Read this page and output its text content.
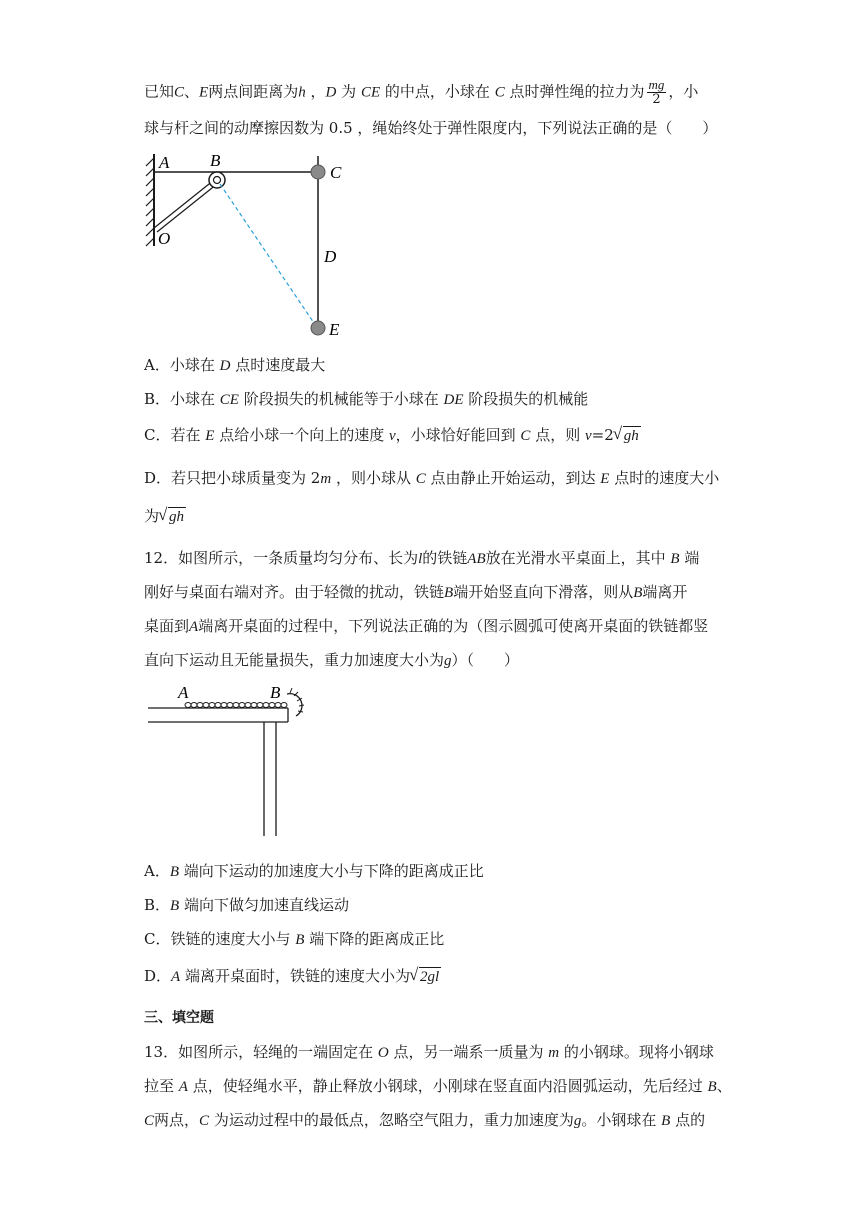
已知C、E两点间距离为h ，D 为 CE 的中点，小球在 C 点时弹性绳的拉力为 $\frac{mg}{2}$ ，小
球与杆之间的动摩擦因数为 0.5 ，绳始终处于弹性限度内，下列说法正确的是（　　）
A B
C
D
E
O
A．小球在 D 点时速度最大
B．小球在 CE 阶段损失的机械能等于小球在 DE 阶段损失的机械能
C．若在 E 点给小球一个向上的速度 v，小球恰好能回到 C 点，则 v=2 √ gh
D．若只把小球质量变为 2m ，则小球从 C 点由静止开始运动，到达 E 点时的速度大小
为 √ gh
12．如图所示，一条质量均匀分布、长为l的铁链AB放在光滑水平桌面上，其中 B 端
刚好与桌面右端对齐。由于轻微的扰动，铁链B端开始竖直向下滑落，则从B端离开
桌面到A端离开桌面的过程中，下列说法正确的为（图示圆弧可使离开桌面的铁链都竖
直向下运动且无能量损失，重力加速度大小为g）（　　）
A	B
A．B 端向下运动的加速度大小与下降的距离成正比
B．B 端向下做匀加速直线运动
C．铁链的速度大小与 B 端下降的距离成正比
D．A 端离开桌面时，铁链的速度大小为 √ 2gl
三、填空题
13．如图所示，轻绳的一端固定在 O 点，另一端系一质量为 m 的小钢球。现将小钢球
拉至 A 点，使轻绳水平，静止释放小钢球，小刚球在竖直面内沿圆弧运动，先后经过 B、
C两点，C 为运动过程中的最低点，忽略空气阻力，重力加速度为g。小钢球在 B 点的
